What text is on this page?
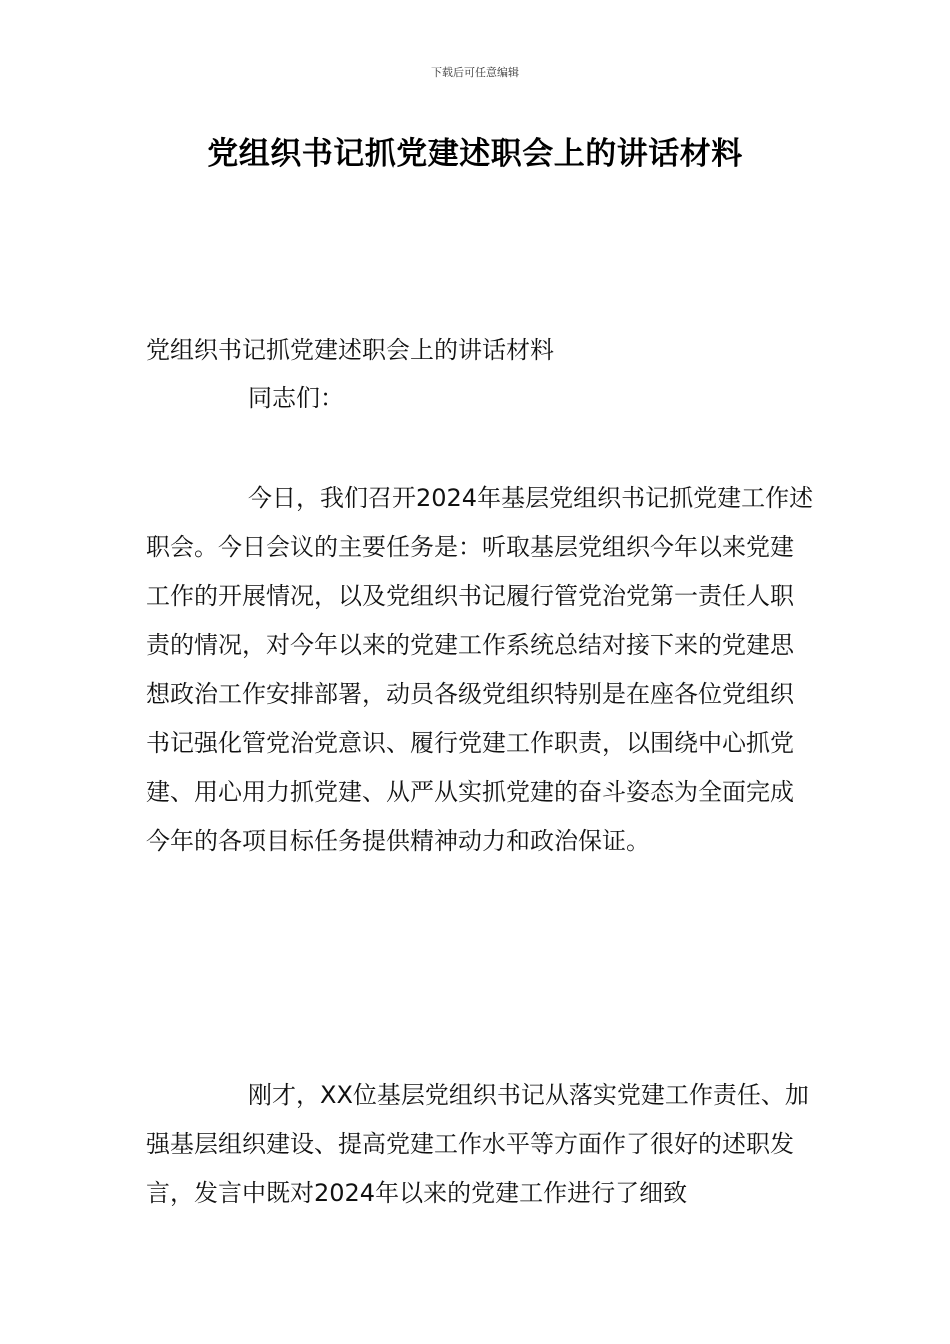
下载后可任意编辑
党组织书记抓党建述职会上的讲话材料

党组织书记抓党建述职会上的讲话材料

同志们：

今日，我们召开2024年基层党组织书记抓党建工作述职会。今日会议的主要任务是：听取基层党组织今年以来党建工作的开展情况，以及党组织书记履行管党治党第一责任人职责的情况，对今年以来的党建工作系统总结对接下来的党建思想政治工作安排部署，动员各级党组织特别是在座各位党组织书记强化管党治党意识、履行党建工作职责，以围绕中心抓党建、用心用力抓党建、从严从实抓党建的奋斗姿态为全面完成今年的各项目标任务提供精神动力和政治保证。

刚才，XX位基层党组织书记从落实党建工作责任、加强基层组织建设、提高党建工作水平等方面作了很好的述职发言，发言中既对2024年以来的党建工作进行了细致
